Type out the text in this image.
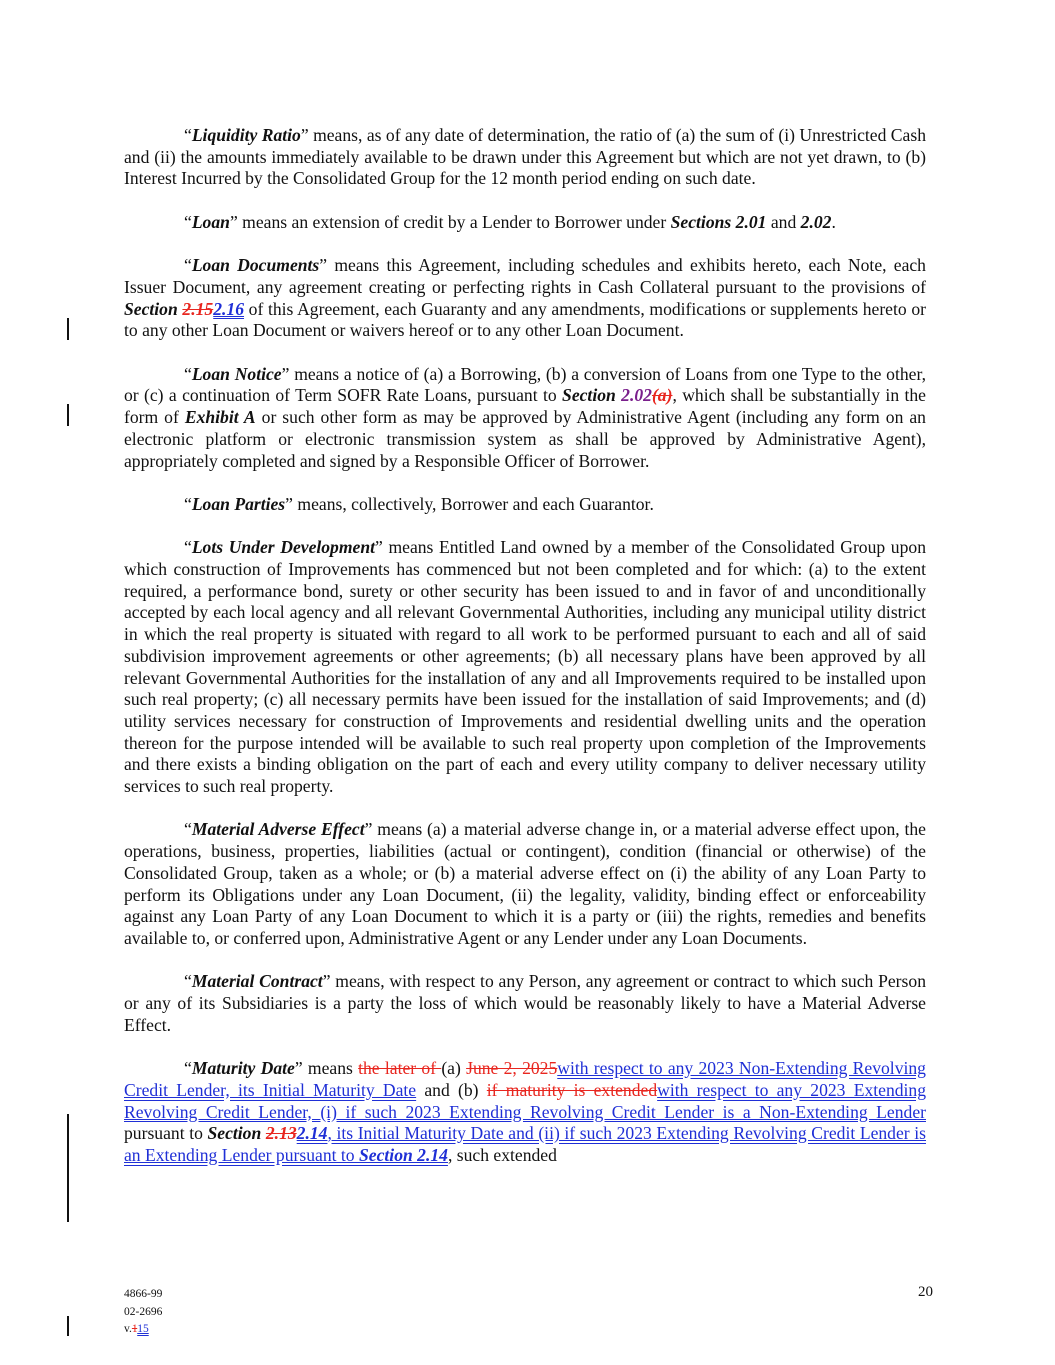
“Liquidity Ratio” means, as of any date of determination, the ratio of (a) the sum of (i) Unrestricted Cash and (ii) the amounts immediately available to be drawn under this Agreement but which are not yet drawn, to (b) Interest Incurred by the Consolidated Group for the 12 month period ending on such date.

“Loan” means an extension of credit by a Lender to Borrower under Sections 2.01 and 2.02.

“Loan Documents” means this Agreement, including schedules and exhibits hereto, each Note, each Issuer Document, any agreement creating or perfecting rights in Cash Collateral pursuant to the provisions of Section 2.152.16 of this Agreement, each Guaranty and any amendments, modifications or supplements hereto or to any other Loan Document or waivers hereof or to any other Loan Document.

“Loan Notice” means a notice of (a) a Borrowing, (b) a conversion of Loans from one Type to the other, or (c) a continuation of Term SOFR Rate Loans, pursuant to Section 2.02(a), which shall be substantially in the form of Exhibit A or such other form as may be approved by Administrative Agent (including any form on an electronic platform or electronic transmission system as shall be approved by Administrative Agent), appropriately completed and signed by a Responsible Officer of Borrower.

“Loan Parties” means, collectively, Borrower and each Guarantor.

“Lots Under Development” means Entitled Land owned by a member of the Consolidated Group upon which construction of Improvements has commenced but not been completed and for which: (a) to the extent required, a performance bond, surety or other security has been issued to and in favor of and unconditionally accepted by each local agency and all relevant Governmental Authorities, including any municipal utility district in which the real property is situated with regard to all work to be performed pursuant to each and all of said subdivision improvement agreements or other agreements; (b) all necessary plans have been approved by all relevant Governmental Authorities for the installation of any and all Improvements required to be installed upon such real property; (c) all necessary permits have been issued for the installation of said Improvements; and (d) utility services necessary for construction of Improvements and residential dwelling units and the operation thereon for the purpose intended will be available to such real property upon completion of the Improvements and there exists a binding obligation on the part of each and every utility company to deliver necessary utility services to such real property.

“Material Adverse Effect” means (a) a material adverse change in, or a material adverse effect upon, the operations, business, properties, liabilities (actual or contingent), condition (financial or otherwise) of the Consolidated Group, taken as a whole; or (b) a material adverse effect on (i) the ability of any Loan Party to perform its Obligations under any Loan Document, (ii) the legality, validity, binding effect or enforceability against any Loan Party of any Loan Document to which it is a party or (iii) the rights, remedies and benefits available to, or conferred upon, Administrative Agent or any Lender under any Loan Documents.

“Material Contract” means, with respect to any Person, any agreement or contract to which such Person or any of its Subsidiaries is a party the loss of which would be reasonably likely to have a Material Adverse Effect.

“Maturity Date” means the later of (a) June 2, 2025with respect to any 2023 Non-Extending Revolving Credit Lender, its Initial Maturity Date and (b) if maturity is extendedwith respect to any 2023 Extending Revolving Credit Lender, (i) if such 2023 Extending Revolving Credit Lender is a Non-Extending Lender pursuant to Section 2.132.14, its Initial Maturity Date and (ii) if such 2023 Extending Revolving Credit Lender is an Extending Lender pursuant to Section 2.14, such extended

4866-99
02-2696
v.115
20
